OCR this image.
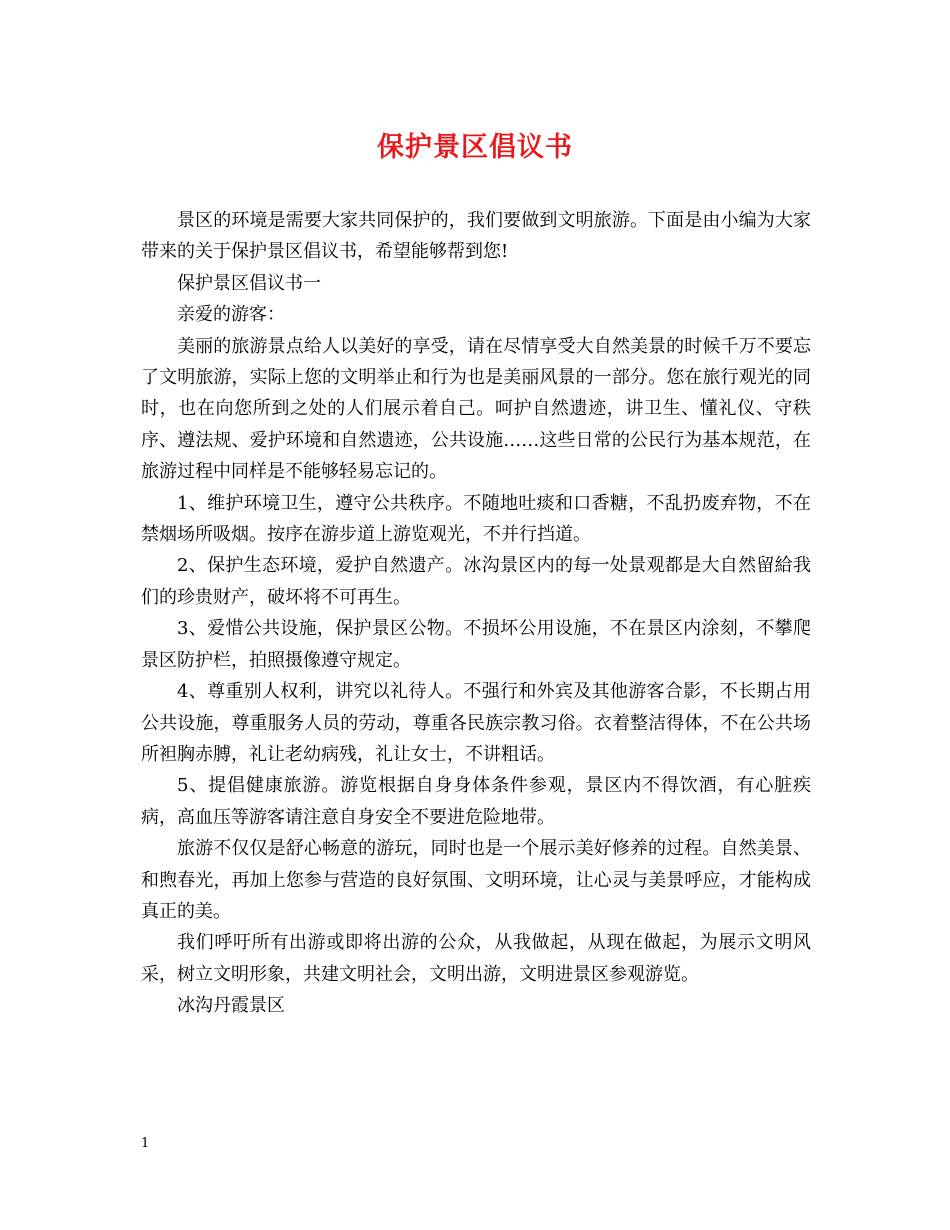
保护景区倡议书

景区的环境是需要大家共同保护的，我们要做到文明旅游。下面是由小编为大家带来的关于保护景区倡议书，希望能够帮到您!

保护景区倡议书一

亲爱的游客：

美丽的旅游景点给人以美好的享受，请在尽情享受大自然美景的时候千万不要忘了文明旅游，实际上您的文明举止和行为也是美丽风景的一部分。您在旅行观光的同时，也在向您所到之处的人们展示着自己。呵护自然遗迹，讲卫生、懂礼仪、守秩序、遵法规、爱护环境和自然遗迹，公共设施……这些日常的公民行为基本规范，在旅游过程中同样是不能够轻易忘记的。

1、维护环境卫生，遵守公共秩序。不随地吐痰和口香糖，不乱扔废弃物，不在禁烟场所吸烟。按序在游步道上游览观光，不并行挡道。

2、保护生态环境，爱护自然遗产。冰沟景区内的每一处景观都是大自然留給我们的珍贵财产，破坏将不可再生。

3、爱惜公共设施，保护景区公物。不损坏公用设施，不在景区内涂刻，不攀爬景区防护栏，拍照摄像遵守规定。

4、尊重别人权利，讲究以礼待人。不强行和外宾及其他游客合影，不长期占用公共设施，尊重服务人员的劳动，尊重各民族宗教习俗。衣着整洁得体，不在公共场所袒胸赤膊，礼让老幼病残，礼让女士，不讲粗话。

5、提倡健康旅游。游览根据自身身体条件参观，景区内不得饮酒，有心脏疾病，高血压等游客请注意自身安全不要进危险地带。

旅游不仅仅是舒心畅意的游玩，同时也是一个展示美好修养的过程。自然美景、和煦春光，再加上您参与营造的良好氛围、文明环境，让心灵与美景呼应，才能构成真正的美。

我们呼吁所有出游或即将出游的公众，从我做起，从现在做起，为展示文明风采，树立文明形象，共建文明社会，文明出游，文明进景区参观游览。

冰沟丹霞景区

1
